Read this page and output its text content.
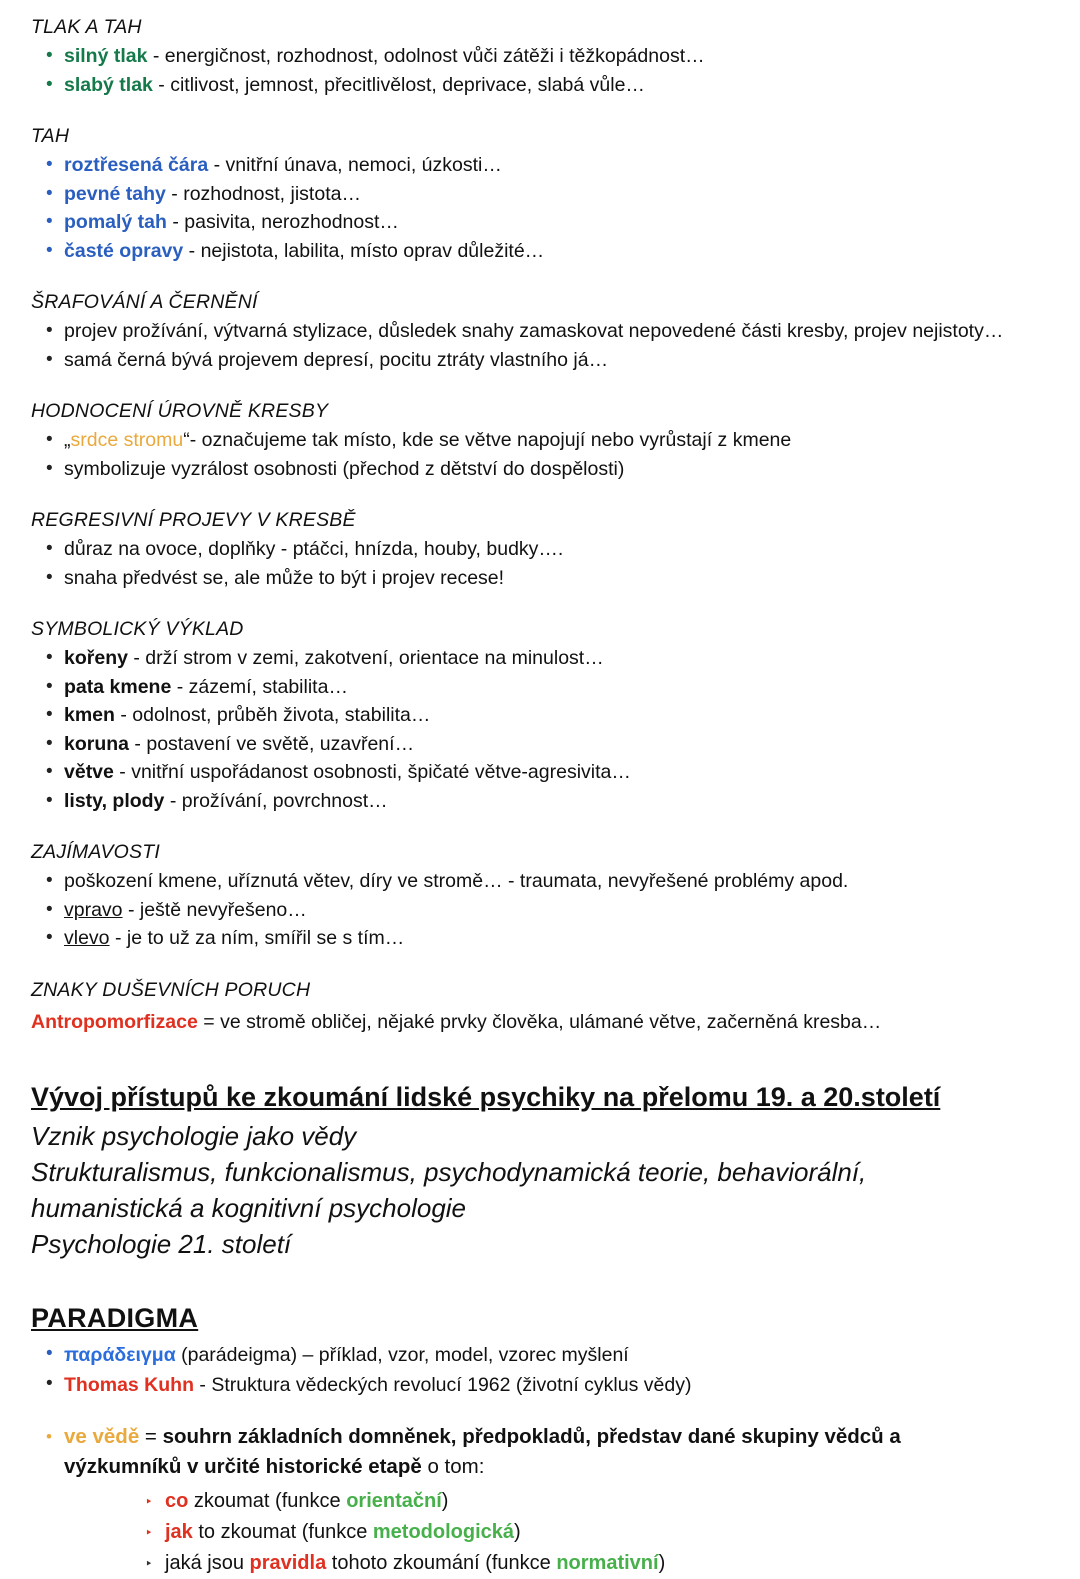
TLAK A TAH
• silný tlak - energičnost, rozhodnost, odolnost vůči zátěži i těžkopádnost…
• slabý tlak - citlivost, jemnost, přecitlivělost, deprivace, slabá vůle…
TAH
• roztřesená čára - vnitřní únava, nemoci, úzkosti…
• pevné tahy - rozhodnost, jistota…
• pomalý tah - pasivita, nerozhodnost…
• časté opravy - nejistota, labilita, místo oprav důležité…
ŠRAFOVÁNÍ A ČERNĚNÍ
• projev prožívání, výtvarná stylizace, důsledek snahy zamaskovat nepovedené části kresby, projev nejistoty…
• samá černá bývá projevem depresí, pocitu ztráty vlastního já…
HODNOCENÍ ÚROVNĚ KRESBY
• „srdce stromu“- označujeme tak místo, kde se větve napojují nebo vyrůstají z kmene
• symbolizuje vyzrálost osobnosti (přechod z dětství do dospělosti)
REGRESIVNÍ PROJEVY V KRESBĚ
• důraz na ovoce, doplňky - ptáčci, hnízda, houby, budky….
• snaha předvést se, ale může to být i projev recese!
SYMBOLICKÝ VÝKLAD
• kořeny - drží strom v zemi, zakotvení, orientace na minulost…
• pata kmene - zázemí, stabilita…
• kmen - odolnost, průběh života, stabilita…
• koruna - postavení ve světě, uzavření…
• větve - vnitřní uspořádanost osobnosti, špičaté větve-agresivita…
• listy, plody - prožívání, povrchnost…
ZAJÍMAVOSTI
• poškození kmene, uříznutá větev, díry ve stromě… - traumata, nevyřešené problémy apod.
• vpravo - ještě nevyřešeno…
• vlevo - je to už za ním, smířil se s tím…
ZNAKY DUŠEVNÍCH PORUCH
Antropomorfizace = ve stromě obličej, nějaké prvky člověka, ulámané větve, začerněná kresba…
Vývoj přístupů ke zkoumání lidské psychiky na přelomu 19. a 20.století
Vznik psychologie jako vědy
Strukturalismus, funkcionalismus, psychodynamická teorie, behaviorální,
humanistická a kognitivní psychologie
Psychologie 21. století
PARADIGMA
• παράδειγμα (parádeigma) – příklad, vzor, model, vzorec myšlení
• Thomas Kuhn - Struktura vědeckých revolucí 1962 (životní cyklus vědy)
• ve vědě = souhrn základních domněnek, předpokladů, představ dané skupiny vědců a výzkumníků v určité historické etapě o tom:
‣ co zkoumat (funkce orientační)
‣ jak to zkoumat (funkce metodologická)
‣ jaká jsou pravidla tohoto zkoumání (funkce normativní)
